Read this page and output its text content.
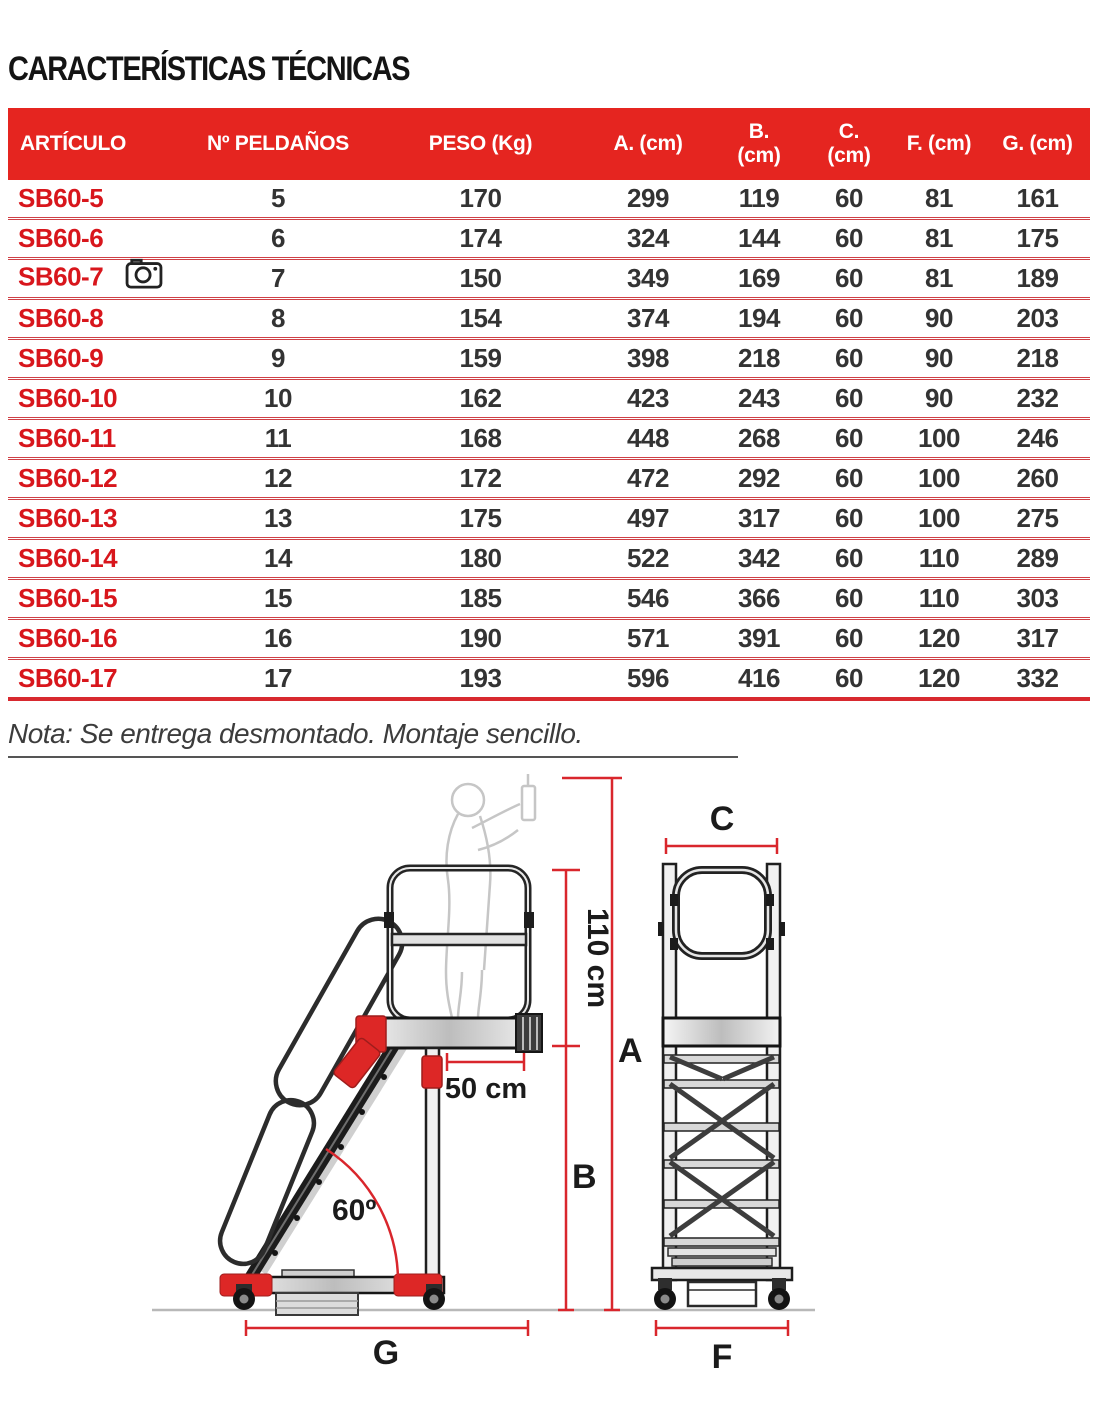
CARACTERÍSTICAS TÉCNICAS
ARTÍCULO	Nº PELDAÑOS	PESO (Kg)	A. (cm)	B. (cm)	C. (cm)	F. (cm)	G. (cm)
SB60-5	5	170	299	119	60	81	161
SB60-6	6	174	324	144	60	81	175
SB60-7	7	150	349	169	60	81	189
SB60-8	8	154	374	194	60	90	203
SB60-9	9	159	398	218	60	90	218
SB60-10	10	162	423	243	60	90	232
SB60-11	11	168	448	268	60	100	246
SB60-12	12	172	472	292	60	100	260
SB60-13	13	175	497	317	60	100	275
SB60-14	14	180	522	342	60	110	289
SB60-15	15	185	546	366	60	110	303
SB60-16	16	190	571	391	60	120	317
SB60-17	17	193	596	416	60	120	332
Nota: Se entrega desmontado. Montaje sencillo.
110 cm
A
B
50 cm
60º
G
C
F
